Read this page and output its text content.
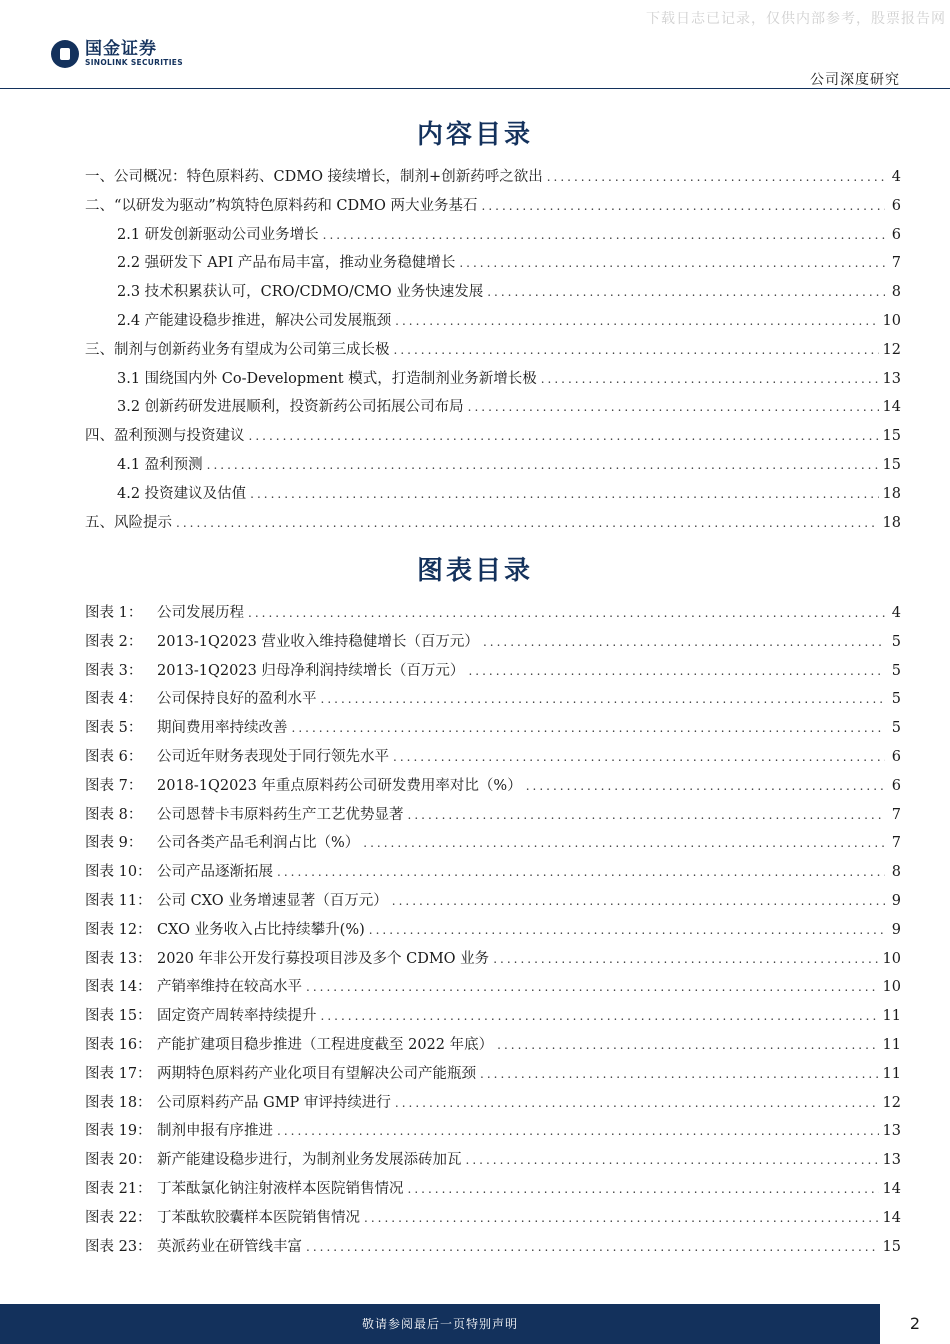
下载日志已记录，仅供内部参考，股票报告网
国金证券
SINOLINK SECURITIES
公司深度研究
内容目录
一、公司概况：特色原料药、CDMO 接续增长，制剂+创新药呼之欲出 .....	4
二、“以研发为驱动”构筑特色原料药和 CDMO 两大业务基石 .....	6
2.1 研发创新驱动公司业务增长 .....	6
2.2 强研发下 API 产品布局丰富，推动业务稳健增长 .....	7
2.3 技术积累获认可，CRO/CDMO/CMO 业务快速发展 .....	8
2.4 产能建设稳步推进，解决公司发展瓶颈 .....	10
三、制剂与创新药业务有望成为公司第三成长极 .....	12
3.1 围绕国内外 Co-Development 模式，打造制剂业务新增长极 .....	13
3.2 创新药研发进展顺利，投资新药公司拓展公司布局 .....	14
四、盈利预测与投资建议 .....	15
4.1 盈利预测 .....	15
4.2 投资建议及估值 .....	18
五、风险提示 .....	18
图表目录
图表 1： 公司发展历程 .....	4
图表 2： 2013-1Q2023 营业收入维持稳健增长（百万元） .....	5
图表 3： 2013-1Q2023 归母净利润持续增长（百万元） .....	5
图表 4： 公司保持良好的盈利水平 .....	5
图表 5： 期间费用率持续改善 .....	5
图表 6： 公司近年财务表现处于同行领先水平 .....	6
图表 7： 2018-1Q2023 年重点原料药公司研发费用率对比（%） .....	6
图表 8： 公司恩替卡韦原料药生产工艺优势显著 .....	7
图表 9： 公司各类产品毛利润占比（%） .....	7
图表 10： 公司产品逐渐拓展 .....	8
图表 11： 公司 CXO 业务增速显著（百万元） .....	9
图表 12： CXO 业务收入占比持续攀升(%) .....	9
图表 13： 2020 年非公开发行募投项目涉及多个 CDMO 业务 .....	10
图表 14： 产销率维持在较高水平 .....	10
图表 15： 固定资产周转率持续提升 .....	11
图表 16： 产能扩建项目稳步推进（工程进度截至 2022 年底） .....	11
图表 17： 两期特色原料药产业化项目有望解决公司产能瓶颈 .....	11
图表 18： 公司原料药产品 GMP 审评持续进行 .....	12
图表 19： 制剂申报有序推进 .....	13
图表 20： 新产能建设稳步进行，为制剂业务发展添砖加瓦 .....	13
图表 21： 丁苯酞氯化钠注射液样本医院销售情况 .....	14
图表 22： 丁苯酞软胶囊样本医院销售情况 .....	14
图表 23： 英派药业在研管线丰富 .....	15
敬请参阅最后一页特别声明	2
